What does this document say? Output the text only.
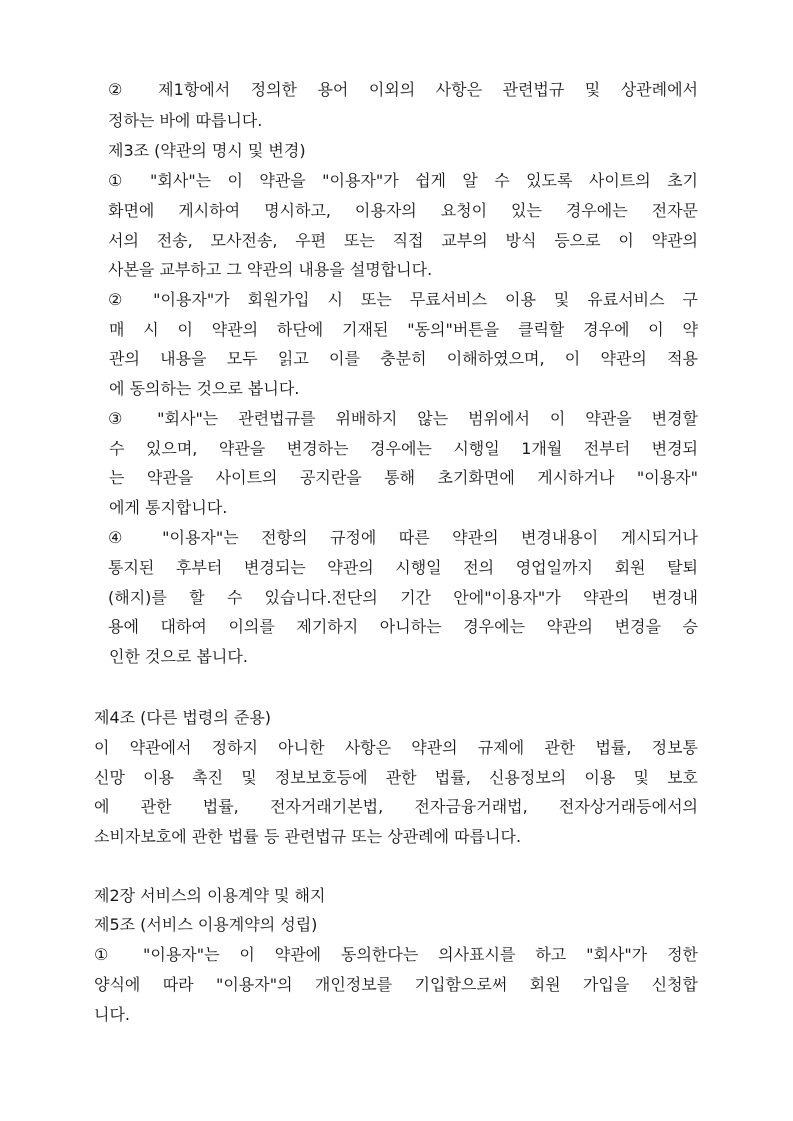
② 제1항에서 정의한 용어 이외의 사항은 관련법규 및 상관례에서
정하는 바에 따릅니다.
제3조 (약관의 명시 및 변경)
① "회사"는 이 약관을 "이용자"가 쉽게 알 수 있도록 사이트의 초기
화면에 게시하여 명시하고, 이용자의 요청이 있는 경우에는 전자문
서의 전송, 모사전송, 우편 또는 직접 교부의 방식 등으로 이 약관의
사본을 교부하고 그 약관의 내용을 설명합니다.
② "이용자"가 회원가입 시 또는 무료서비스 이용 및 유료서비스 구
매 시 이 약관의 하단에 기재된 "동의"버튼을 클릭할 경우에 이 약
관의 내용을 모두 읽고 이를 충분히 이해하였으며, 이 약관의 적용
에 동의하는 것으로 봅니다.
③ "회사"는 관련법규를 위배하지 않는 범위에서 이 약관을 변경할
수 있으며, 약관을 변경하는 경우에는 시행일 1개월 전부터 변경되
는 약관을 사이트의 공지란을 통해 초기화면에 게시하거나 "이용자"
에게 통지합니다.
④ "이용자"는 전항의 규정에 따른 약관의 변경내용이 게시되거나
통지된 후부터 변경되는 약관의 시행일 전의 영업일까지 회원 탈퇴
(해지)를 할 수 있습니다.전단의 기간 안에"이용자"가 약관의 변경내
용에 대하여 이의를 제기하지 아니하는 경우에는 약관의 변경을 승
인한 것으로 봅니다.
제4조 (다른 법령의 준용)
이 약관에서 정하지 아니한 사항은 약관의 규제에 관한 법률, 정보통
신망 이용 촉진 및 정보보호등에 관한 법률, 신용정보의 이용 및 보호
에 관한 법률, 전자거래기본법, 전자금융거래법, 전자상거래등에서의
소비자보호에 관한 법률 등 관련법규 또는 상관례에 따릅니다.
제2장 서비스의 이용계약 및 해지
제5조 (서비스 이용계약의 성립)
① "이용자"는 이 약관에 동의한다는 의사표시를 하고 "회사"가 정한
양식에 따라 "이용자"의 개인정보를 기입함으로써 회원 가입을 신청합
니다.
